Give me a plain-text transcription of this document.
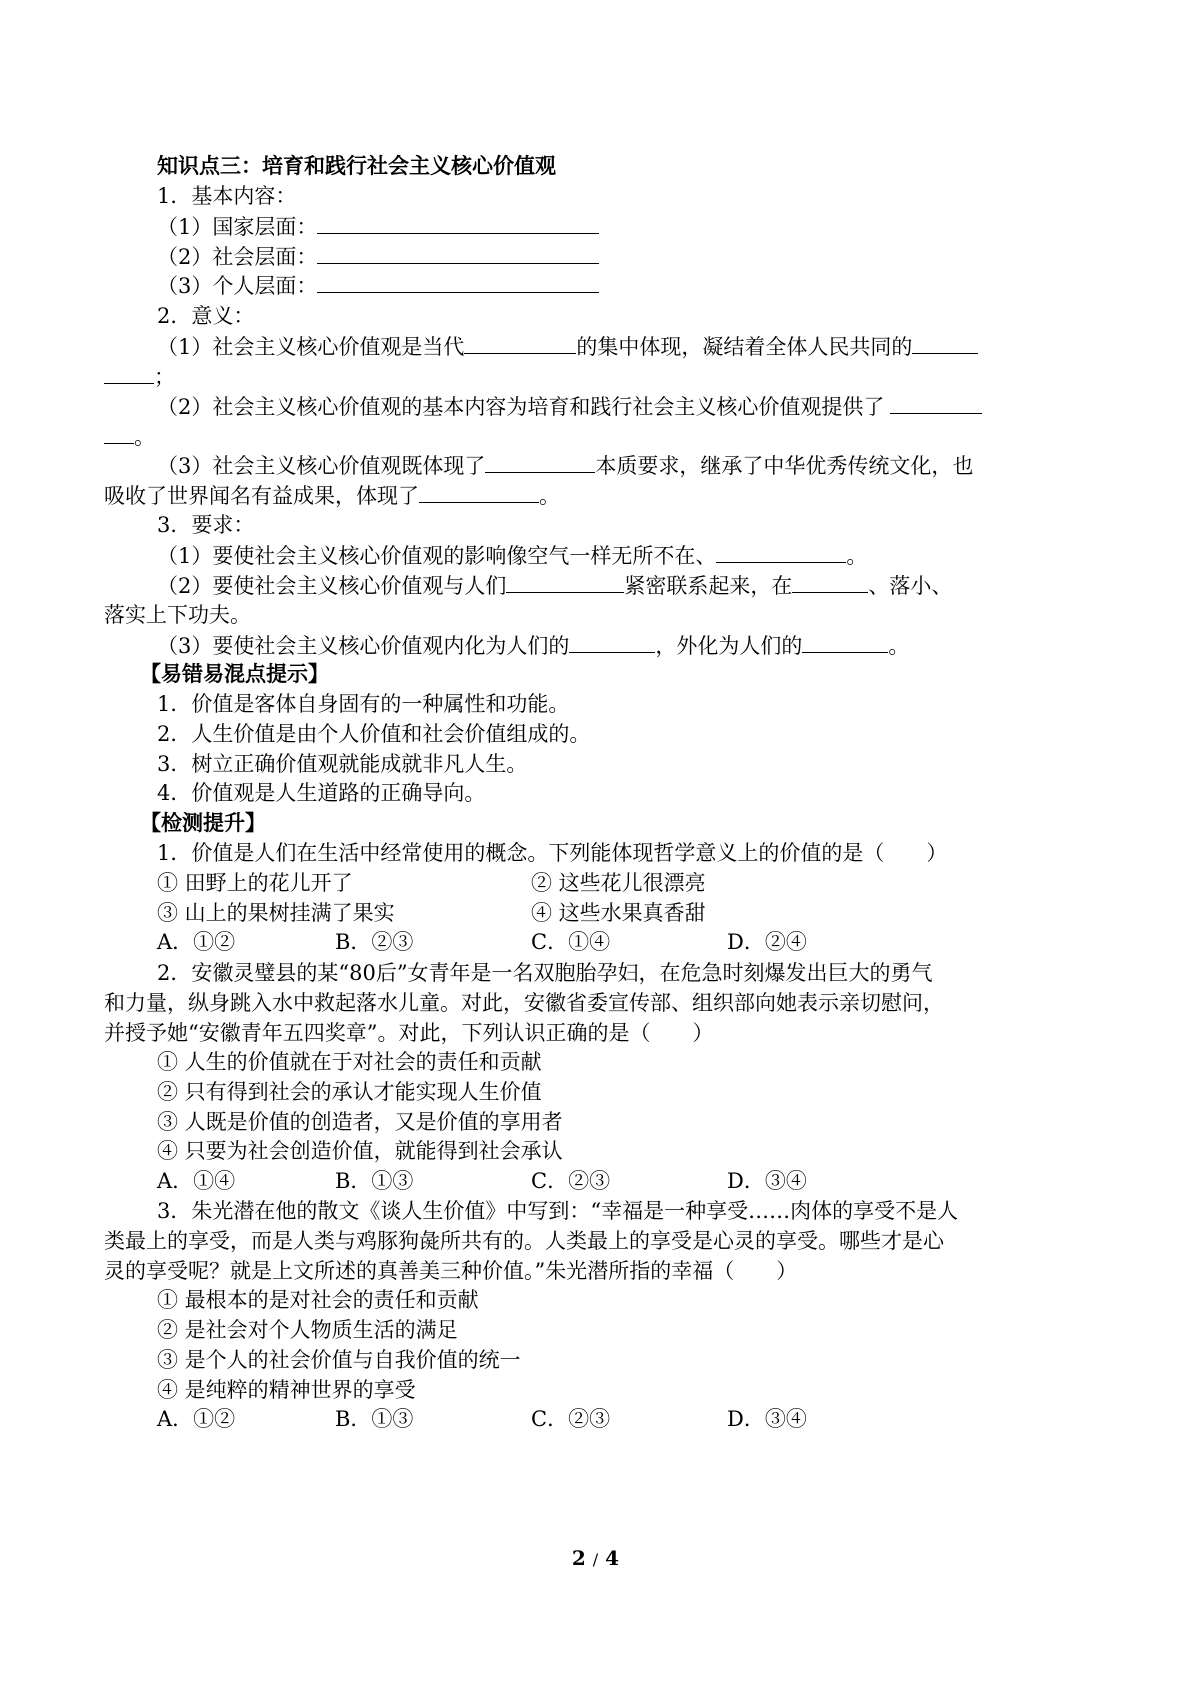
知识点三：培育和践行社会主义核心价值观
1．基本内容：
（1）国家层面：
（2）社会层面：
（3）个人层面：
2．意义：
（1）社会主义核心价值观是当代	的集中体现，凝结着全体人民共同的
；
（2）社会主义核心价值观的基本内容为培育和践行社会主义核心价值观提供了
。
（3）社会主义核心价值观既体现了	本质要求，继承了中华优秀传统文化，也
吸收了世界闻名有益成果，体现了	。
3．要求：
（1）要使社会主义核心价值观的影响像空气一样无所不在、	。
（2）要使社会主义核心价值观与人们	紧密联系起来，在	、落小、
落实上下功夫。
（3）要使社会主义核心价值观内化为人们的	，外化为人们的	。
【易错易混点提示】
1．价值是客体自身固有的一种属性和功能。
2．人生价值是由个人价值和社会价值组成的。
3．树立正确价值观就能成就非凡人生。
4．价值观是人生道路的正确导向。
【检测提升】
1．价值是人们在生活中经常使用的概念。下列能体现哲学意义上的价值的是（　　）
① 田野上的花儿开了	② 这些花儿很漂亮
③ 山上的果树挂满了果实	④ 这些水果真香甜
A．①②	B．②③	C．①④	D．②④
2．安徽灵璧县的某“80后”女青年是一名双胞胎孕妇，在危急时刻爆发出巨大的勇气
和力量，纵身跳入水中救起落水儿童。对此，安徽省委宣传部、组织部向她表示亲切慰问，
并授予她“安徽青年五四奖章”。对此，下列认识正确的是（　　）
① 人生的价值就在于对社会的责任和贡献
② 只有得到社会的承认才能实现人生价值
③ 人既是价值的创造者，又是价值的享用者
④ 只要为社会创造价值，就能得到社会承认
A．①④	B．①③	C．②③	D．③④
3．朱光潜在他的散文《谈人生价值》中写到：“幸福是一种享受……肉体的享受不是人
类最上的享受，而是人类与鸡豚狗彘所共有的。人类最上的享受是心灵的享受。哪些才是心
灵的享受呢？就是上文所述的真善美三种价值。”朱光潜所指的幸福（　　）
① 最根本的是对社会的责任和贡献
② 是社会对个人物质生活的满足
③ 是个人的社会价值与自我价值的统一
④ 是纯粹的精神世界的享受
A．①②	B．①③	C．②③	D．③④
2 / 4
